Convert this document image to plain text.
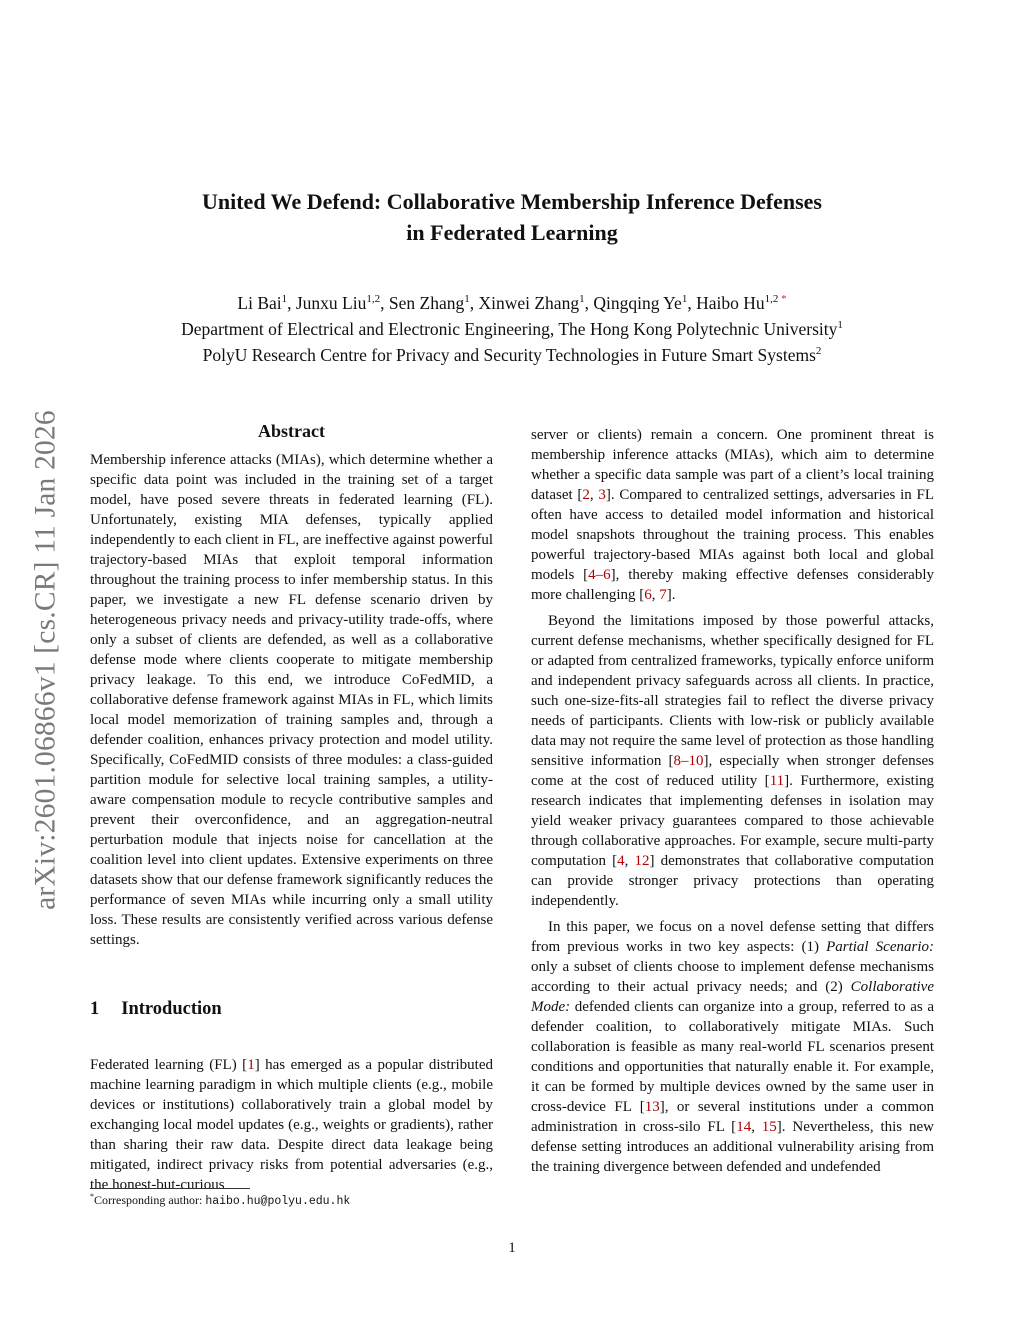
arXiv:2601.06866v1 [cs.CR] 11 Jan 2026
United We Defend: Collaborative Membership Inference Defenses
in Federated Learning
Li Bai$^1$, Junxu Liu$^{1,2}$, Sen Zhang$^1$, Xinwei Zhang$^1$, Qingqing Ye$^1$, Haibo Hu$^{1,2}$ *
Department of Electrical and Electronic Engineering, The Hong Kong Polytechnic University$^1$
PolyU Research Centre for Privacy and Security Technologies in Future Smart Systems$^2$
Abstract

Membership inference attacks (MIAs), which determine whether a specific data point was included in the training set of a target model, have posed severe threats in federated learning (FL). Unfortunately, existing MIA defenses, typically applied independently to each client in FL, are ineffective against powerful trajectory-based MIAs that exploit temporal information throughout the training process to infer membership status. In this paper, we investigate a new FL defense scenario driven by heterogeneous privacy needs and privacy-utility trade-offs, where only a subset of clients are defended, as well as a collaborative defense mode where clients cooperate to mitigate membership privacy leakage. To this end, we introduce CoFedMID, a collaborative defense framework against MIAs in FL, which limits local model memorization of training samples and, through a defender coalition, enhances privacy protection and model utility. Specifically, CoFedMID consists of three modules: a class-guided partition module for selective local training samples, a utility-aware compensation module to recycle contributive samples and prevent their overconfidence, and an aggregation-neutral perturbation module that injects noise for cancellation at the coalition level into client updates. Extensive experiments on three datasets show that our defense framework significantly reduces the performance of seven MIAs while incurring only a small utility loss. These results are consistently verified across various defense settings.

1 Introduction

Federated learning (FL) [1] has emerged as a popular distributed machine learning paradigm in which multiple clients (e.g., mobile devices or institutions) collaboratively train a global model by exchanging local model updates (e.g., weights or gradients), rather than sharing their raw data. Despite direct data leakage being mitigated, indirect privacy risks from potential adversaries (e.g., the honest-but-curious

server or clients) remain a concern. One prominent threat is membership inference attacks (MIAs), which aim to determine whether a specific data sample was part of a client’s local training dataset [2, 3]. Compared to centralized settings, adversaries in FL often have access to detailed model information and historical model snapshots throughout the training process. This enables powerful trajectory-based MIAs against both local and global models [4–6], thereby making effective defenses considerably more challenging [6, 7].

Beyond the limitations imposed by those powerful attacks, current defense mechanisms, whether specifically designed for FL or adapted from centralized frameworks, typically enforce uniform and independent privacy safeguards across all clients. In practice, such one-size-fits-all strategies fail to reflect the diverse privacy needs of participants. Clients with low-risk or publicly available data may not require the same level of protection as those handling sensitive information [8–10], especially when stronger defenses come at the cost of reduced utility [11]. Furthermore, existing research indicates that implementing defenses in isolation may yield weaker privacy guarantees compared to those achievable through collaborative approaches. For example, secure multi-party computation [4, 12] demonstrates that collaborative computation can provide stronger privacy protections than operating independently.

In this paper, we focus on a novel defense setting that differs from previous works in two key aspects: (1) Partial Scenario: only a subset of clients choose to implement defense mechanisms according to their actual privacy needs; and (2) Collaborative Mode: defended clients can organize into a group, referred to as a defender coalition, to collaboratively mitigate MIAs. Such collaboration is feasible as many real-world FL scenarios present conditions and opportunities that naturally enable it. For example, it can be formed by multiple devices owned by the same user in cross-device FL [13], or several institutions under a common administration in cross-silo FL [14, 15]. Nevertheless, this new defense setting introduces an additional vulnerability arising from the training divergence between defended and undefended

*Corresponding author: haibo.hu@polyu.edu.hk
1
